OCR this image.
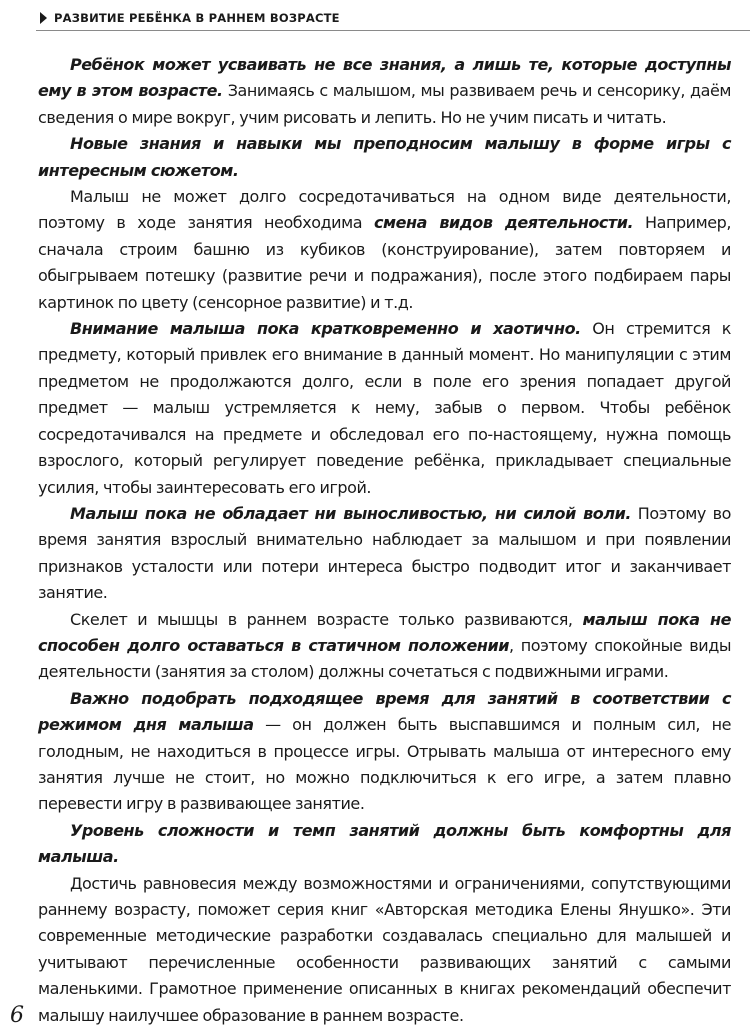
РАЗВИТИЕ РЕБЁНКА В РАННЕМ ВОЗРАСТЕ

Ребёнок может усваивать не все знания, а лишь те, которые доступны ему в этом возрасте. Занимаясь с малышом, мы развиваем речь и сенсорику, даём сведения о мире вокруг, учим рисовать и лепить. Но не учим писать и читать.

Новые знания и навыки мы преподносим малышу в форме игры с интересным сюжетом.

Малыш не может долго сосредотачиваться на одном виде деятельности, поэтому в ходе занятия необходима смена видов деятельности. Например, сначала строим башню из кубиков (конструирование), затем повторяем и обыгрываем потешку (развитие речи и подражания), после этого подбираем пары картинок по цвету (сенсорное развитие) и т.д.

Внимание малыша пока кратковременно и хаотично. Он стремится к предмету, который привлек его внимание в данный момент. Но манипуляции с этим предметом не продолжаются долго, если в поле его зрения попадает другой предмет — малыш устремляется к нему, забыв о первом. Чтобы ребёнок сосредотачивался на предмете и обследовал его по-настоящему, нужна помощь взрослого, который регулирует поведение ребёнка, прикладывает специальные усилия, чтобы заинтересовать его игрой.

Малыш пока не обладает ни выносливостью, ни силой воли. Поэтому во время занятия взрослый внимательно наблюдает за малышом и при появлении признаков усталости или потери интереса быстро подводит итог и заканчивает занятие.

Скелет и мышцы в раннем возрасте только развиваются, малыш пока не способен долго оставаться в статичном положении, поэтому спокойные виды деятельности (занятия за столом) должны сочетаться с подвижными играми.

Важно подобрать подходящее время для занятий в соответствии с режимом дня малыша — он должен быть выспавшимся и полным сил, не голодным, не находиться в процессе игры. Отрывать малыша от интересного ему занятия лучше не стоит, но можно подключиться к его игре, а затем плавно перевести игру в развивающее занятие.

Уровень сложности и темп занятий должны быть комфортны для малыша.

Достичь равновесия между возможностями и ограничениями, сопутствующими раннему возрасту, поможет серия книг «Авторская методика Елены Янушко». Эти современные методические разработки создавалась специально для малышей и учитывают перечисленные особенности развивающих занятий с самыми маленькими. Грамотное применение описанных в книгах рекомендаций обеспечит малышу наилучшее образование в раннем возрасте.

6
